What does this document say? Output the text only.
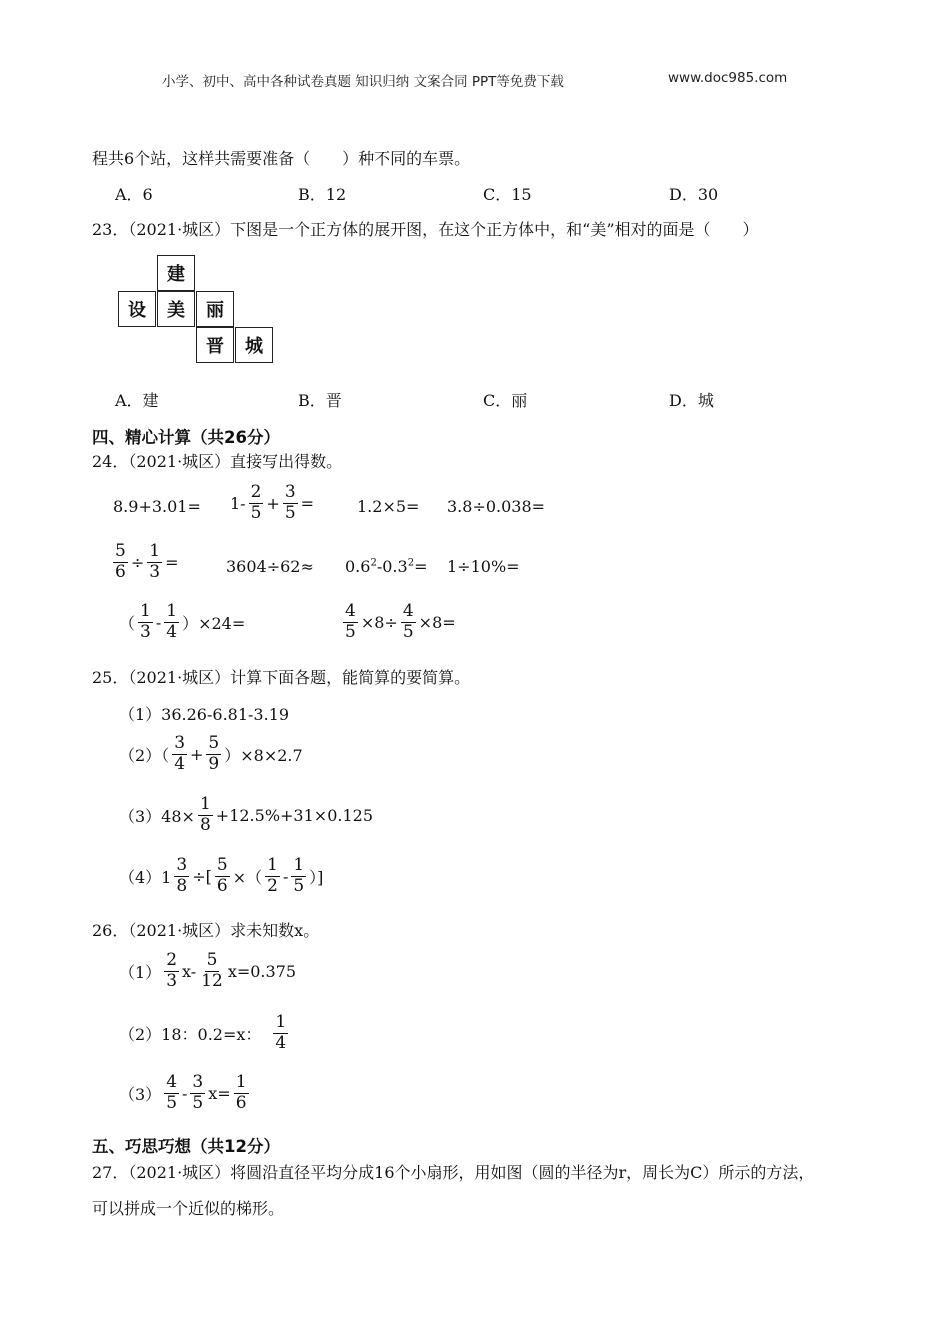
小学、初中、高中各种试卷真题 知识归纳 文案合同 PPT等免费下载	www.doc985.com
程共6个站，这样共需要准备（　　）种不同的车票。
A．6	B．12	C．15	D．30
23．（2021·城区）下图是一个正方体的展开图，在这个正方体中，和“美”相对的面是（　　）
建
设	美	丽
晋	城
A．建	B．晋	C．丽	D．城
四、精心计算（共26分）
24．（2021·城区）直接写出得数。
$8.9+3.01= 1- \frac{2}{5} + \frac{3}{5}$ =	1.2×5= 3.8÷0.038=
$\frac{5}{6} \div \frac{1}{3}$ =	$3604\div 62\approx 0.6^2-0.3^2= 1\div 10\%=$
（ $\frac{1}{3} - \frac{1}{4} )\times 24=$	$\frac{4}{5} \times 8\div \frac{4}{5} \times 8=$
25．（2021·城区）计算下面各题，能简算的要简算。
（1）36.26-6.81-3.19
$(2)( \frac{3}{4} + \frac{5}{9} )\times 8\times 2.7$
$(3)48\times \frac{1}{8} +12.5\%+31\times 0.125$
$(4)1 \frac{3}{8}$ ÷[ $\frac{5}{6}$ ×（ $\frac{1}{2} - \frac{1}{5}$ ）]
26．（2021·城区）求未知数x。
$(1) \frac{2}{3} x- \frac{5}{12} x=0.375$
（2）18：0.2=x： $\frac{1}{4}$
$(3) \frac{4}{5} - \frac{3}{5} x= \frac{1}{6}$
五、巧思巧想（共12分）
27．（2021·城区）将圆沿直径平均分成16个小扇形，用如图（圆的半径为r，周长为C）所示的方法，
可以拼成一个近似的梯形。
